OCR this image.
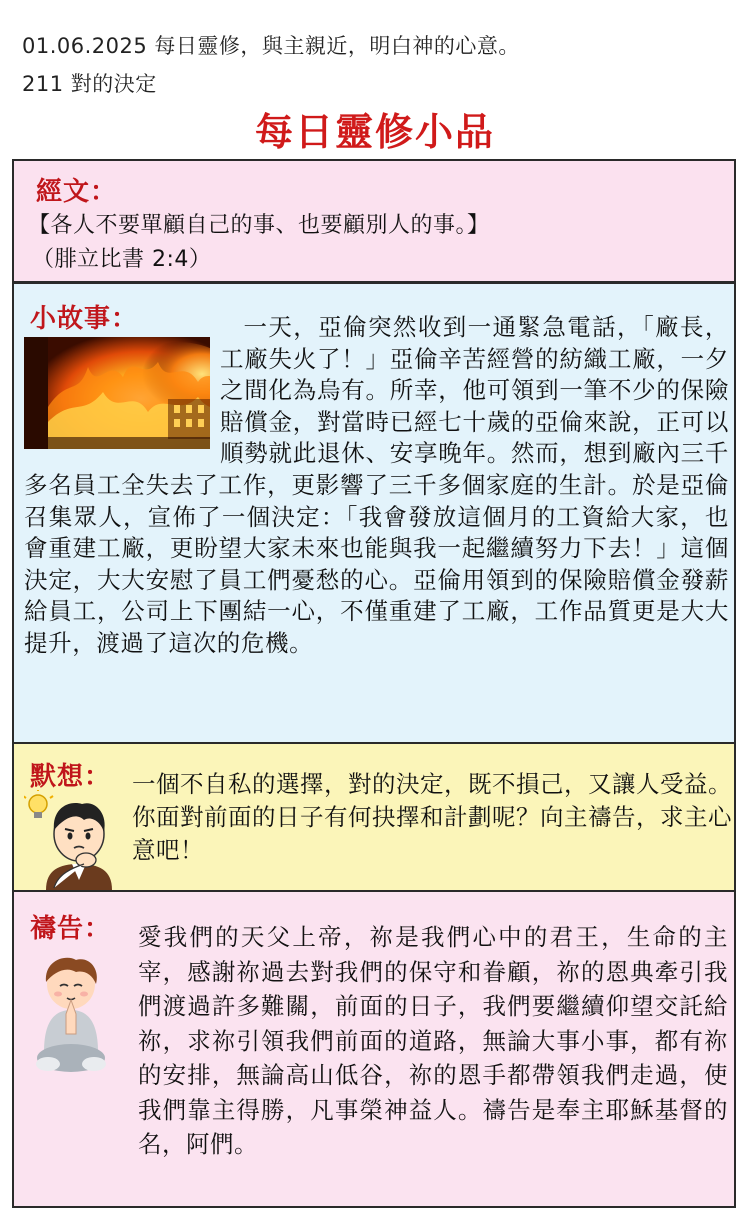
01.06.2025 每日靈修，與主親近，明白神的心意。
211 對的決定
每日靈修小品
經文：
【各人不要單顧自己的事、也要顧別人的事。】
（腓立比書 2:4）
一天，亞倫突然收到一通緊急電話，「廠長，工廠失火了！」亞倫辛苦經營的紡織工廠，一夕之間化為烏有。所幸，他可領到一筆不少的保險賠償金，對當時已經七十歲的亞倫來說，正可以順勢就此退休、安享晚年。然而，想到廠內三千多名員工全失去了工作，更影響了三千多個家庭的生計。於是亞倫召集眾人，宣佈了一個決定：「我會發放這個月的工資給大家，也會重建工廠，更盼望大家未來也能與我一起繼續努力下去！」這個決定，大大安慰了員工們憂愁的心。亞倫用領到的保險賠償金發薪給員工，公司上下團結一心，不僅重建了工廠，工作品質更是大大提升，渡過了這次的危機。
小故事：
默想： 一個不自私的選擇，對的決定，既不損己，又讓人受益。你面對前面的日子有何抉擇和計劃呢？向主禱告，求主心意吧！
禱告： 愛我們的天父上帝，祢是我們心中的君王，生命的主宰，感謝祢過去對我們的保守和眷顧，祢的恩典牽引我們渡過許多難關，前面的日子，我們要繼續仰望交託給祢，求祢引領我們前面的道路，無論大事小事，都有祢的安排，無論高山低谷，祢的恩手都帶領我們走過，使我們靠主得勝，凡事榮神益人。禱告是奉主耶穌基督的名，阿們。
